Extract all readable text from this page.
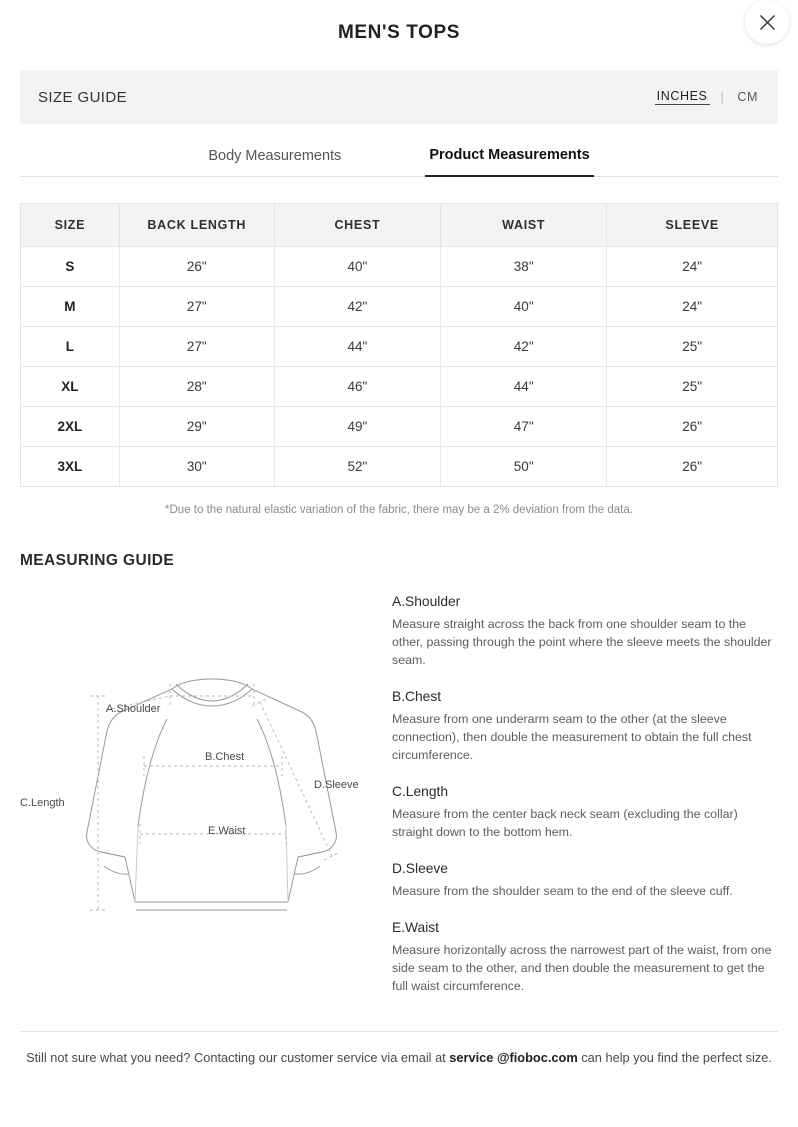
MEN'S TOPS
SIZE GUIDE	INCHES | CM
Body Measurements	Product Measurements
SIZE	BACK LENGTH	CHEST	WAIST	SLEEVE
S	26"	40"	38"	24"
M	27"	42"	40"	24"
L	27"	44"	42"	25"
XL	28"	46"	44"	25"
2XL	29"	49"	47"	26"
3XL	30"	52"	50"	26"
*Due to the natural elastic variation of the fabric, there may be a 2% deviation from the data.
MEASURING GUIDE
A.Shoulder
B.Chest
C.Length
D.Sleeve
E.Waist
A.Shoulder

Measure straight across the back from one shoulder seam to the other, passing through the point where the sleeve meets the shoulder seam.

B.Chest

Measure from one underarm seam to the other (at the sleeve connection), then double the measurement to obtain the full chest circumference.

C.Length

Measure from the center back neck seam (excluding the collar) straight down to the bottom hem.

D.Sleeve

Measure from the shoulder seam to the end of the sleeve cuff.

E.Waist

Measure horizontally across the narrowest part of the waist, from one side seam to the other, and then double the measurement to get the full waist circumference.

Still not sure what you need? Contacting our customer service via email at service @fioboc.com can help you find the perfect size.
